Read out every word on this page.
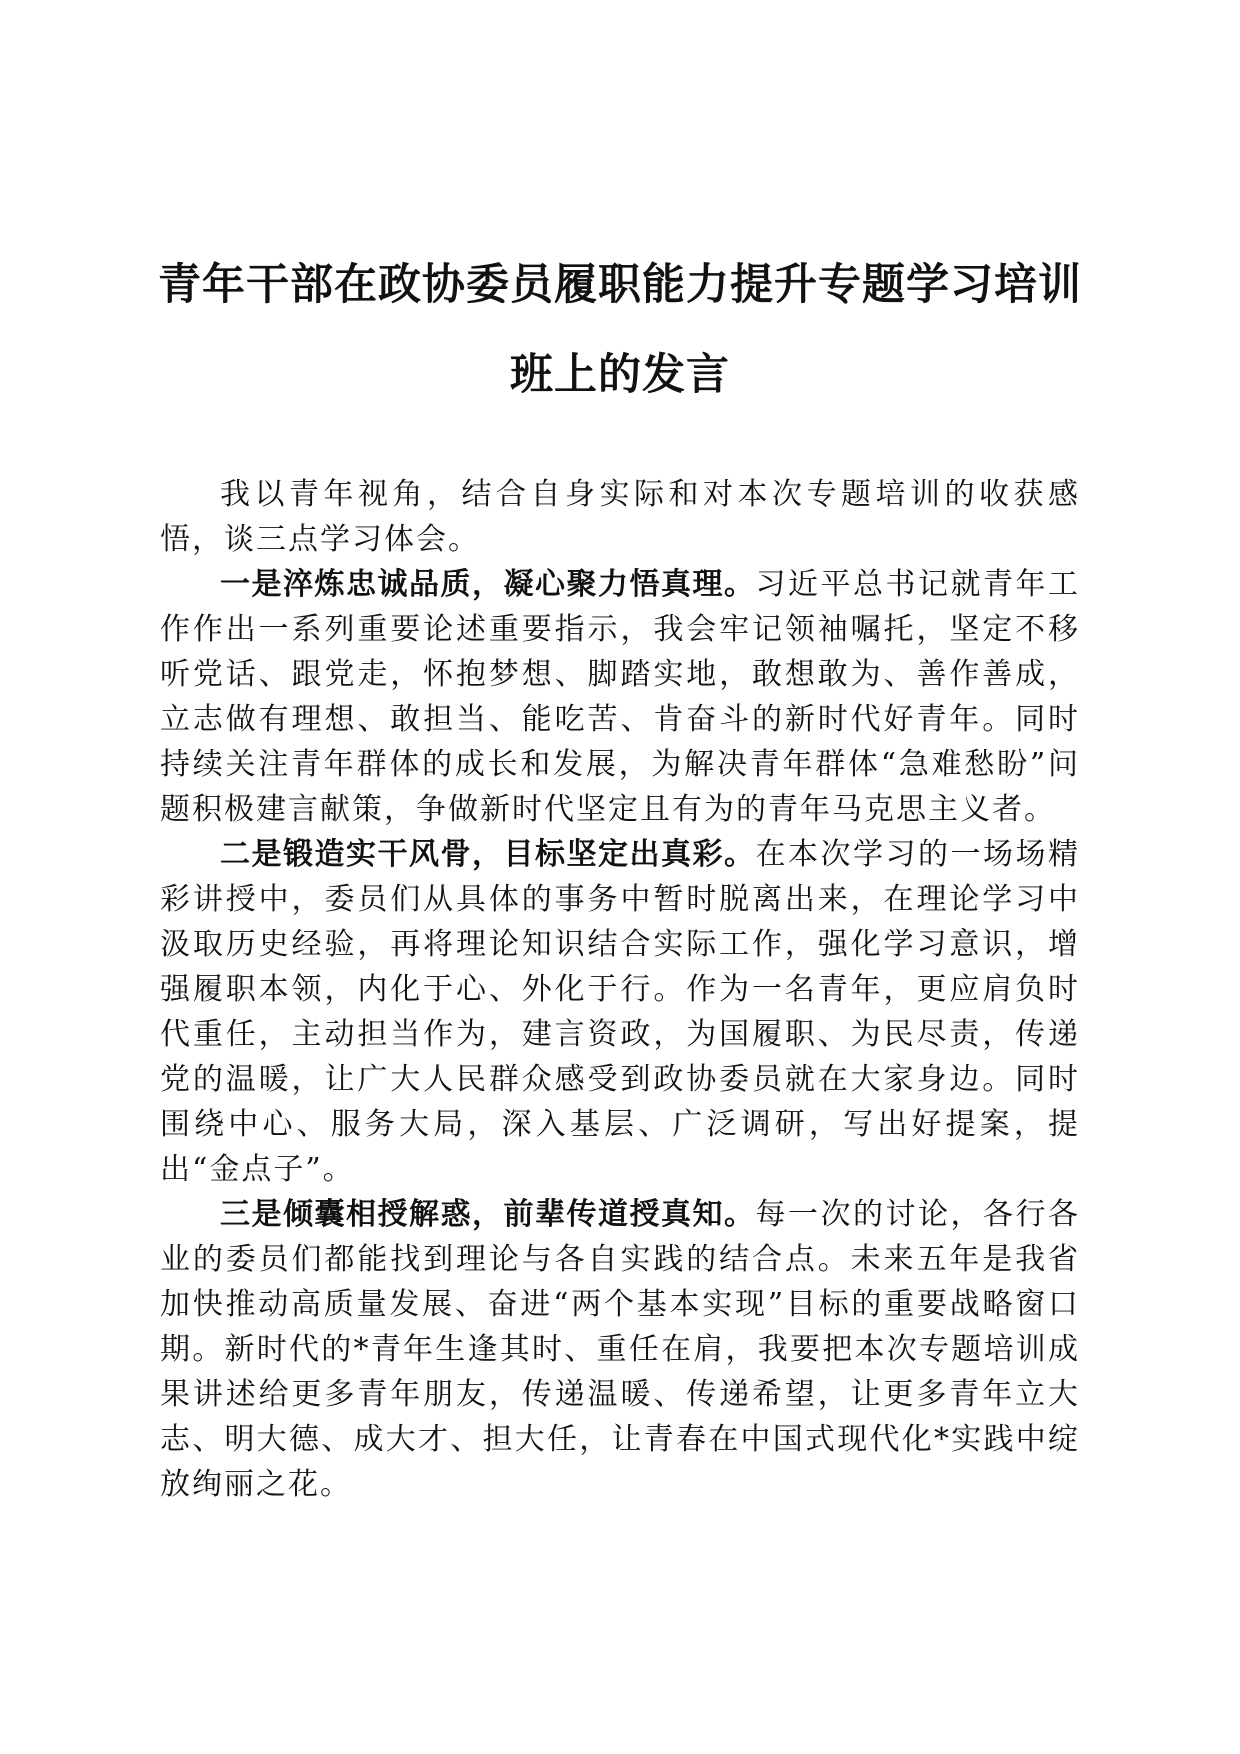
青年干部在政协委员履职能力提升专题学习培训班上的发言

我以青年视角，结合自身实际和对本次专题培训的收获感悟，谈三点学习体会。

一是淬炼忠诚品质，凝心聚力悟真理。习近平总书记就青年工作作出一系列重要论述重要指示，我会牢记领袖嘱托，坚定不移听党话、跟党走，怀抱梦想、脚踏实地，敢想敢为、善作善成，立志做有理想、敢担当、能吃苦、肯奋斗的新时代好青年。同时持续关注青年群体的成长和发展，为解决青年群体“急难愁盼”问题积极建言献策，争做新时代坚定且有为的青年马克思主义者。

二是锻造实干风骨，目标坚定出真彩。在本次学习的一场场精彩讲授中，委员们从具体的事务中暂时脱离出来，在理论学习中汲取历史经验，再将理论知识结合实际工作，强化学习意识，增强履职本领，内化于心、外化于行。作为一名青年，更应肩负时代重任，主动担当作为，建言资政，为国履职、为民尽责，传递党的温暖，让广大人民群众感受到政协委员就在大家身边。同时围绕中心、服务大局，深入基层、广泛调研，写出好提案，提出“金点子”。

三是倾囊相授解惑，前辈传道授真知。每一次的讨论，各行各业的委员们都能找到理论与各自实践的结合点。未来五年是我省加快推动高质量发展、奋进“两个基本实现”目标的重要战略窗口期。新时代的*青年生逢其时、重任在肩，我要把本次专题培训成果讲述给更多青年朋友，传递温暖、传递希望，让更多青年立大志、明大德、成大才、担大任，让青春在中国式现代化*实践中绽放绚丽之花。
